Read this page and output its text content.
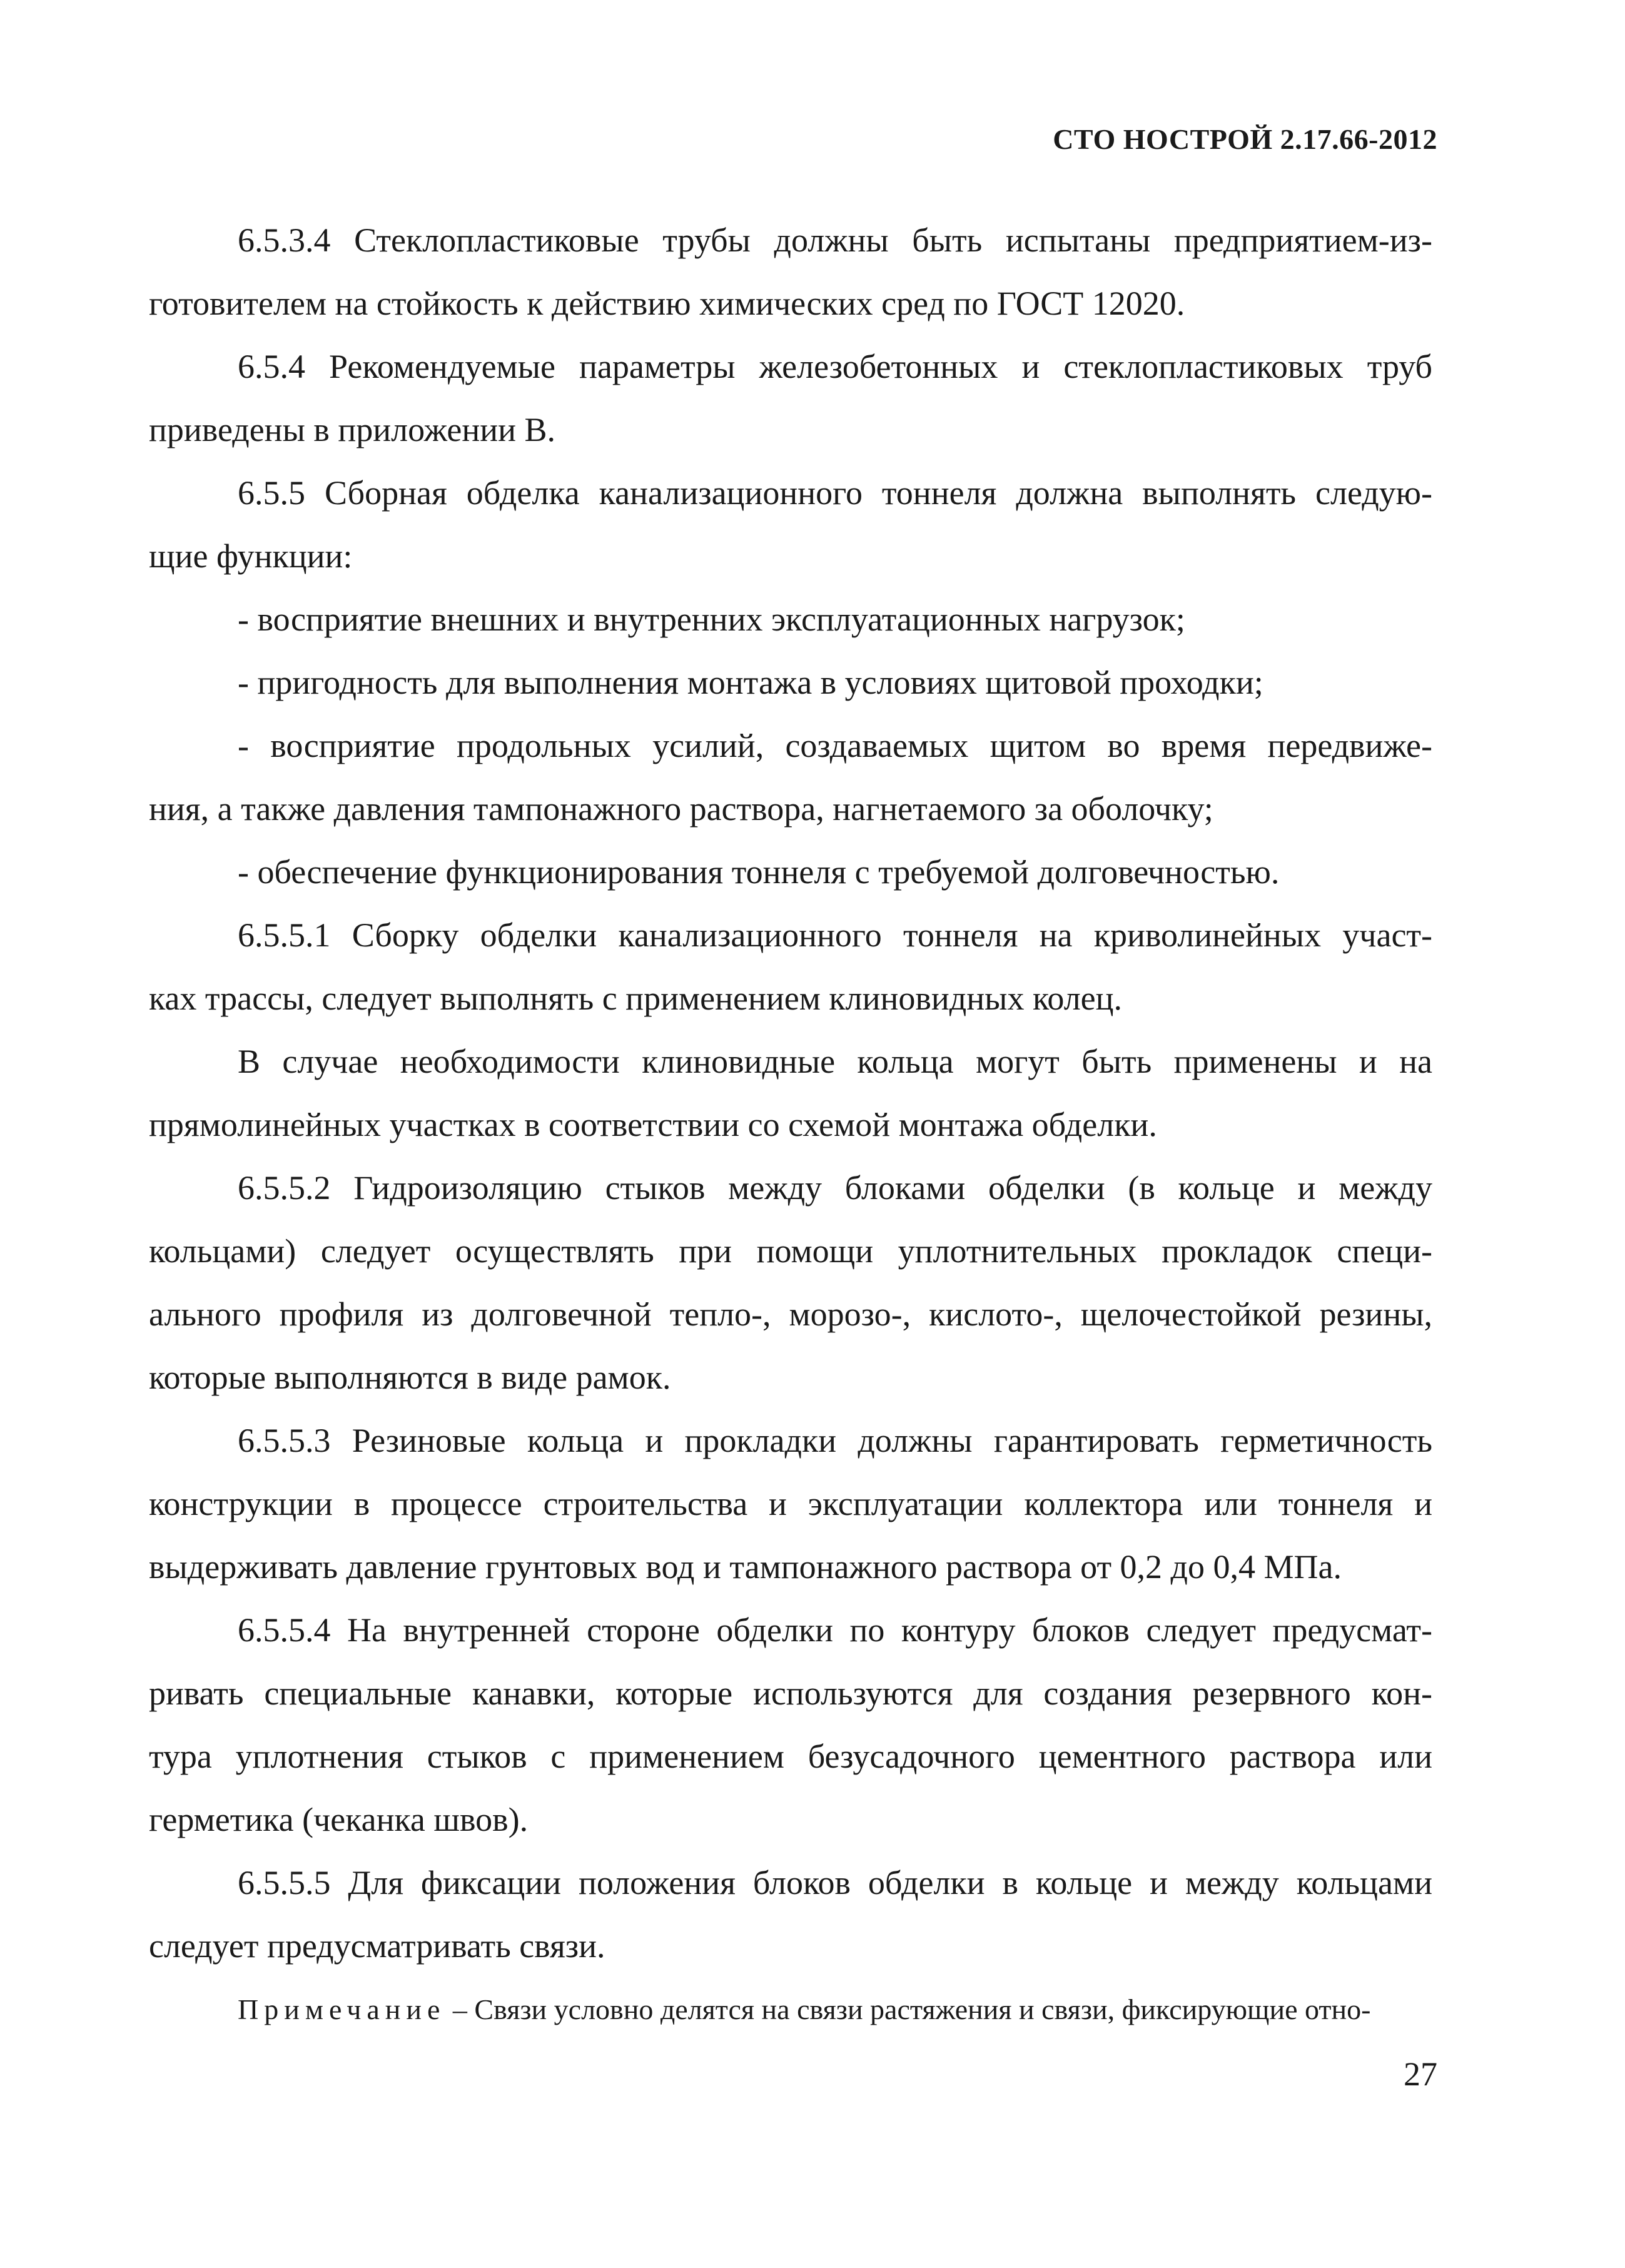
СТО НОСТРОЙ 2.17.66-2012
6.5.3.4 Стеклопластиковые трубы должны быть испытаны предприятием-из-
готовителем на стойкость к действию химических сред по ГОСТ 12020.
6.5.4 Рекомендуемые параметры железобетонных и стеклопластиковых труб
приведены в приложении В.
6.5.5 Сборная обделка канализационного тоннеля должна выполнять следую-
щие функции:
- восприятие внешних и внутренних эксплуатационных нагрузок;
- пригодность для выполнения монтажа в условиях щитовой проходки;
- восприятие продольных усилий, создаваемых щитом во время передвиже-
ния, а также давления тампонажного раствора, нагнетаемого за оболочку;
- обеспечение функционирования тоннеля с требуемой долговечностью.
6.5.5.1 Сборку обделки канализационного тоннеля на криволинейных участ-
ках трассы, следует выполнять с применением клиновидных колец.
В случае необходимости клиновидные кольца могут быть применены и на
прямолинейных участках в соответствии со схемой монтажа обделки.
6.5.5.2 Гидроизоляцию стыков между блоками обделки (в кольце и между
кольцами) следует осуществлять при помощи уплотнительных прокладок специ-
ального профиля из долговечной тепло-, морозо-, кислото-, щелочестойкой резины,
которые выполняются в виде рамок.
6.5.5.3 Резиновые кольца и прокладки должны гарантировать герметичность
конструкции в процессе строительства и эксплуатации коллектора или тоннеля и
выдерживать давление грунтовых вод и тампонажного раствора от 0,2 до 0,4 МПа.
6.5.5.4 На внутренней стороне обделки по контуру блоков следует предусмат-
ривать специальные канавки, которые используются для создания резервного кон-
тура уплотнения стыков с применением безусадочного цементного раствора или
герметика (чеканка швов).
6.5.5.5 Для фиксации положения блоков обделки в кольце и между кольцами
следует предусматривать связи.
Примечание – Связи условно делятся на связи растяжения и связи, фиксирующие отно-
27
